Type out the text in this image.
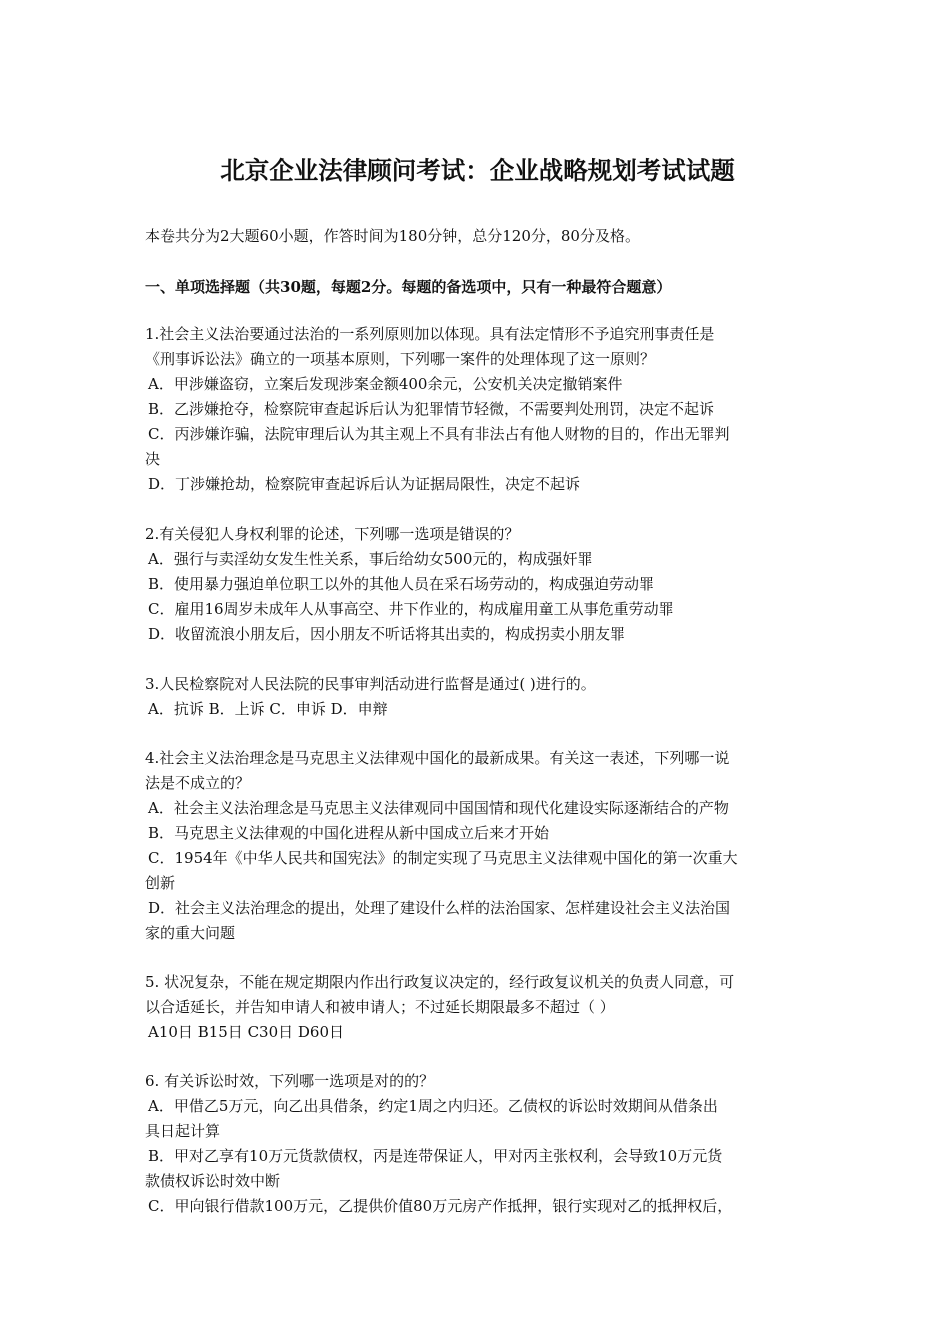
北京企业法律顾问考试：企业战略规划考试试题
本卷共分为2大题60小题，作答时间为180分钟，总分120分，80分及格。
一、单项选择题（共30题，每题2分。每题的备选项中，只有一种最符合题意）

1.社会主义法治要通过法治的一系列原则加以体现。具有法定情形不予追究刑事责任是

《刑事诉讼法》确立的一项基本原则，下列哪一案件的处理体现了这一原则？

A．甲涉嫌盗窃，立案后发现涉案金额400余元，公安机关决定撤销案件

B．乙涉嫌抢夺，检察院审查起诉后认为犯罪情节轻微，不需要判处刑罚，决定不起诉

C．丙涉嫌诈骗，法院审理后认为其主观上不具有非法占有他人财物的目的，作出无罪判

决

D．丁涉嫌抢劫，检察院审查起诉后认为证据局限性，决定不起诉

2.有关侵犯人身权利罪的论述，下列哪一选项是错误的？

A．强行与卖淫幼女发生性关系，事后给幼女500元的，构成强奸罪

B．使用暴力强迫单位职工以外的其他人员在采石场劳动的，构成强迫劳动罪

C．雇用16周岁未成年人从事高空、井下作业的，构成雇用童工从事危重劳动罪

D．收留流浪小朋友后，因小朋友不听话将其出卖的，构成拐卖小朋友罪

3.人民检察院对人民法院的民事审判活动进行监督是通过( )进行的。

A．抗诉 B．上诉 C．申诉 D．申辩

4.社会主义法治理念是马克思主义法律观中国化的最新成果。有关这一表述，下列哪一说

法是不成立的？

A．社会主义法治理念是马克思主义法律观同中国国情和现代化建设实际逐渐结合的产物

B．马克思主义法律观的中国化进程从新中国成立后来才开始

C．1954年《中华人民共和国宪法》的制定实现了马克思主义法律观中国化的第一次重大

创新

D．社会主义法治理念的提出，处理了建设什么样的法治国家、怎样建设社会主义法治国

家的重大问题

5. 状况复杂，不能在规定期限内作出行政复议决定的，经行政复议机关的负责人同意，可

以合适延长，并告知申请人和被申请人；不过延长期限最多不超过（ ）

A10日 B15日 C30日 D60日

6. 有关诉讼时效，下列哪一选项是对的的？

A．甲借乙5万元，向乙出具借条，约定1周之内归还。乙债权的诉讼时效期间从借条出

具日起计算

B．甲对乙享有10万元货款债权，丙是连带保证人，甲对丙主张权利，会导致10万元货

款债权诉讼时效中断

C．甲向银行借款100万元，乙提供价值80万元房产作抵押，银行实现对乙的抵押权后，
